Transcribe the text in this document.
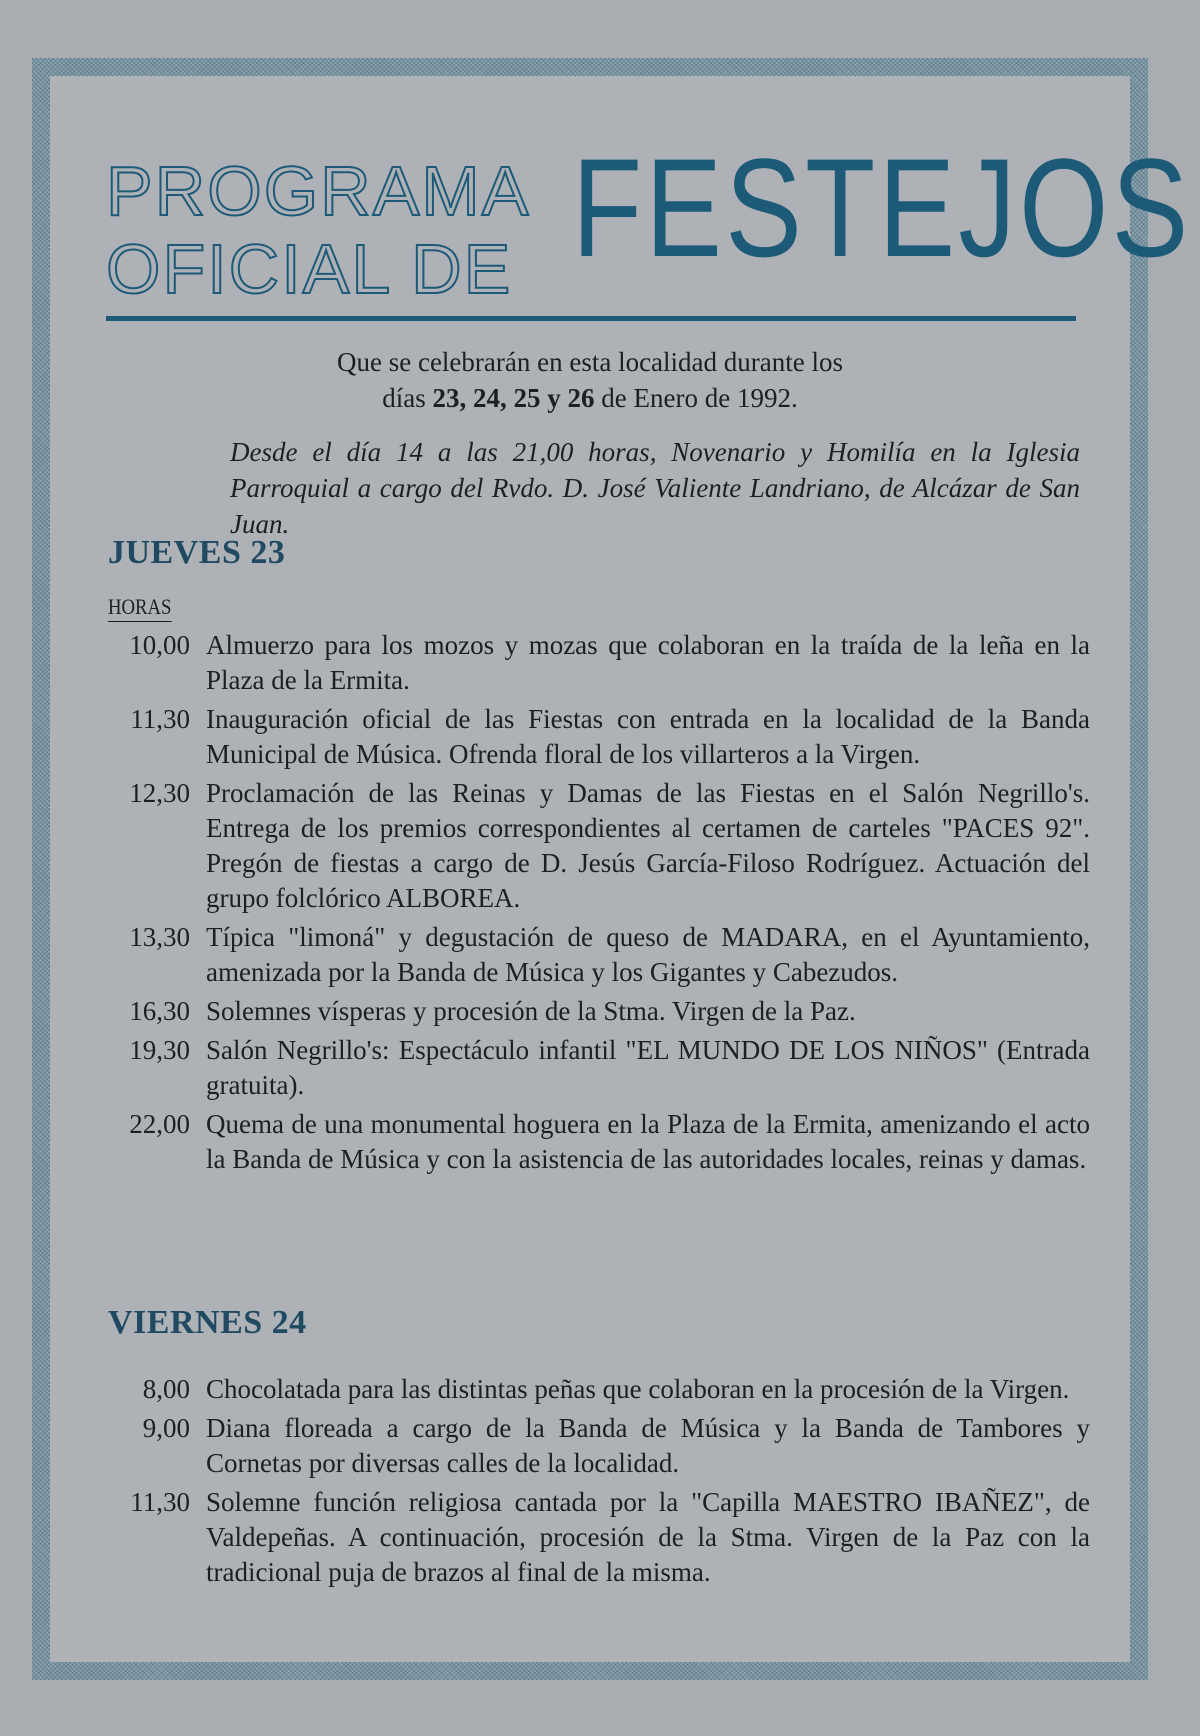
PROGRAMA
OFICIAL DE FESTEJOS
Que se celebrarán en esta localidad durante los
días 23, 24, 25 y 26 de Enero de 1992.
Desde el día 14 a las 21,00 horas, Novenario y Homilía en la Iglesia Parroquial a cargo del Rvdo. D. José Valiente Landriano, de Alcázar de San Juan.
JUEVES 23
HORAS
10,00 Almuerzo para los mozos y mozas que colaboran en la traída de la leña en la Plaza de la Ermita.
11,30 Inauguración oficial de las Fiestas con entrada en la localidad de la Banda Municipal de Música. Ofrenda floral de los villarteros a la Virgen.
12,30 Proclamación de las Reinas y Damas de las Fiestas en el Salón Negrillo's. Entrega de los premios correspondientes al certamen de carteles "PACES 92". Pregón de fiestas a cargo de D. Jesús García-Filoso Rodríguez. Actuación del grupo folclórico ALBOREA.
13,30 Típica "limoná" y degustación de queso de MADARA, en el Ayuntamiento, amenizada por la Banda de Música y los Gigantes y Cabezudos.
16,30 Solemnes vísperas y procesión de la Stma. Virgen de la Paz.
19,30 Salón Negrillo's: Espectáculo infantil "EL MUNDO DE LOS NIÑOS" (Entrada gratuita).
22,00 Quema de una monumental hoguera en la Plaza de la Ermita, amenizando el acto la Banda de Música y con la asistencia de las autoridades locales, reinas y damas.
VIERNES 24
8,00 Chocolatada para las distintas peñas que colaboran en la procesión de la Virgen.
9,00 Diana floreada a cargo de la Banda de Música y la Banda de Tambores y Cornetas por diversas calles de la localidad.
11,30 Solemne función religiosa cantada por la "Capilla MAESTRO IBAÑEZ", de Valdepeñas. A continuación, procesión de la Stma. Virgen de la Paz con la tradicional puja de brazos al final de la misma.
